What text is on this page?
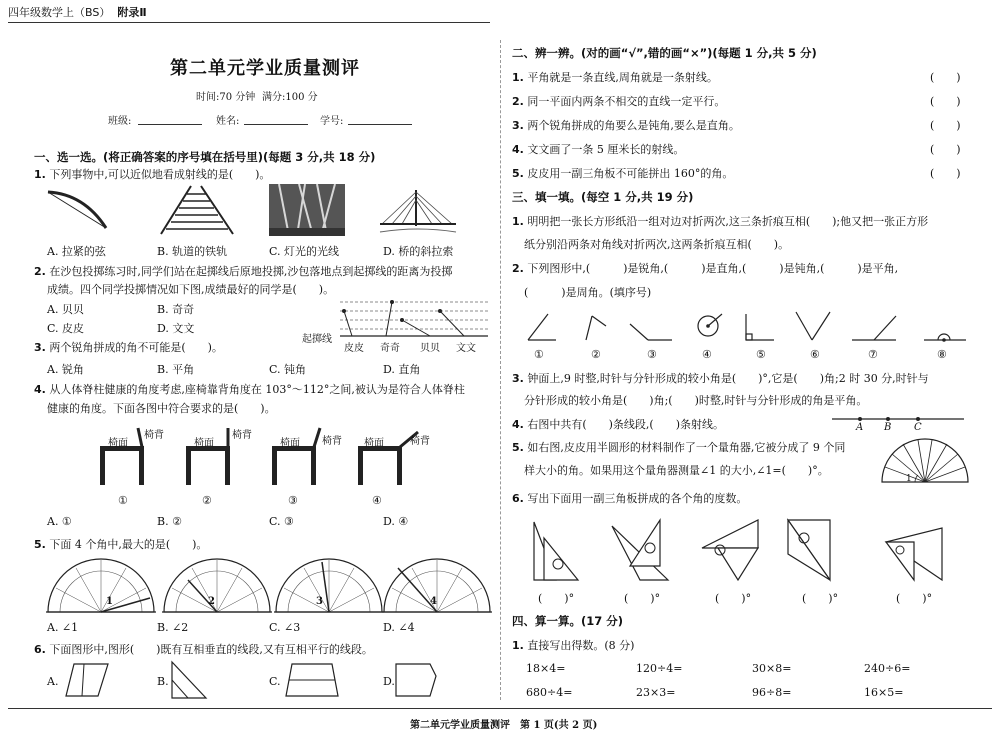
四年级数学上（BS） 附录Ⅱ
第二单元学业质量测评
时间:70 分钟 满分:100 分
班级:	姓名:	学号:
一、选一选。(将正确答案的序号填在括号里)(每题 3 分,共 18 分)
1. 下列事物中,可以近似地看成射线的是(　　)。
A. 拉紧的弦	B. 轨道的铁轨	C. 灯光的光线	D. 桥的斜拉索
2. 在沙包投掷练习时,同学们站在起掷线后原地投掷,沙包落地点到起掷线的距离为投掷
成绩。四个同学投掷情况如下图,成绩最好的同学是(　　)。
A. 贝贝	B. 奇奇
C. 皮皮	D. 文文
起掷线
皮皮 奇奇 贝贝 文文
3. 两个锐角拼成的角不可能是(　　)。
A. 锐角	B. 平角	C. 钝角	D. 直角
4. 从人体脊柱健康的角度考虑,座椅靠背角度在 103°～112°之间,被认为是符合人体脊柱
健康的角度。下面各图中符合要求的是(　　)。
椅面
椅背
①
椅面
椅背
②
椅面 椅背
③
椅面	椅背
④
A. ①	B. ②	C. ③	D. ④
5. 下面 4 个角中,最大的是(　　)。
1	2	3	4
A. ∠1	B. ∠2	C. ∠3	D. ∠4
6. 下面图形中,图形(　　)既有互相垂直的线段,又有互相平行的线段。
A.	B.	C.	D.
二、辨一辨。(对的画“√”,错的画“×”)(每题 1 分,共 5 分)
1. 平角就是一条直线,周角就是一条射线。	(　　)
2. 同一平面内两条不相交的直线一定平行。	(　　)
3. 两个锐角拼成的角要么是钝角,要么是直角。	(　　)
4. 文文画了一条 5 厘米长的射线。	(　　)
5. 皮皮用一副三角板不可能拼出 160°的角。	(　　)
三、填一填。(每空 1 分,共 19 分)
1. 明明把一张长方形纸沿一组对边对折两次,这三条折痕互相(　　);他又把一张正方形
纸分别沿两条对角线对折两次,这两条折痕互相(　　)。
2. 下列图形中,(　　　)是锐角,(　　　)是直角,(　　　)是钝角,(　　　)是平角,
(　　　)是周角。(填序号)
①	②	③	④	⑤	⑥	⑦	⑧
3. 钟面上,9 时整,时针与分针形成的较小角是(　　)°,它是(　　)角;2 时 30 分,时针与
分针形成的较小角是(　　)角;(　　)时整,时针与分针形成的角是平角。
4. 右图中共有(　　)条线段,(　　)条射线。	A B C
5. 如右图,皮皮用半圆形的材料制作了一个量角器,它被分成了 9 个同
样大小的角。如果用这个量角器测量∠1 的大小,∠1=(　　)°。
1
6. 写出下面用一副三角板拼成的各个角的度数。
(　　)°	(　　)°	(　　)°	(　　)°	(　　)°
四、算一算。(17 分)
1. 直接写出得数。(8 分)
18×4=	120÷4=	30×8=	240÷6=
680÷4=	23×3=	96÷8=	16×5=
第二单元学业质量测评　第 1 页(共 2 页)
